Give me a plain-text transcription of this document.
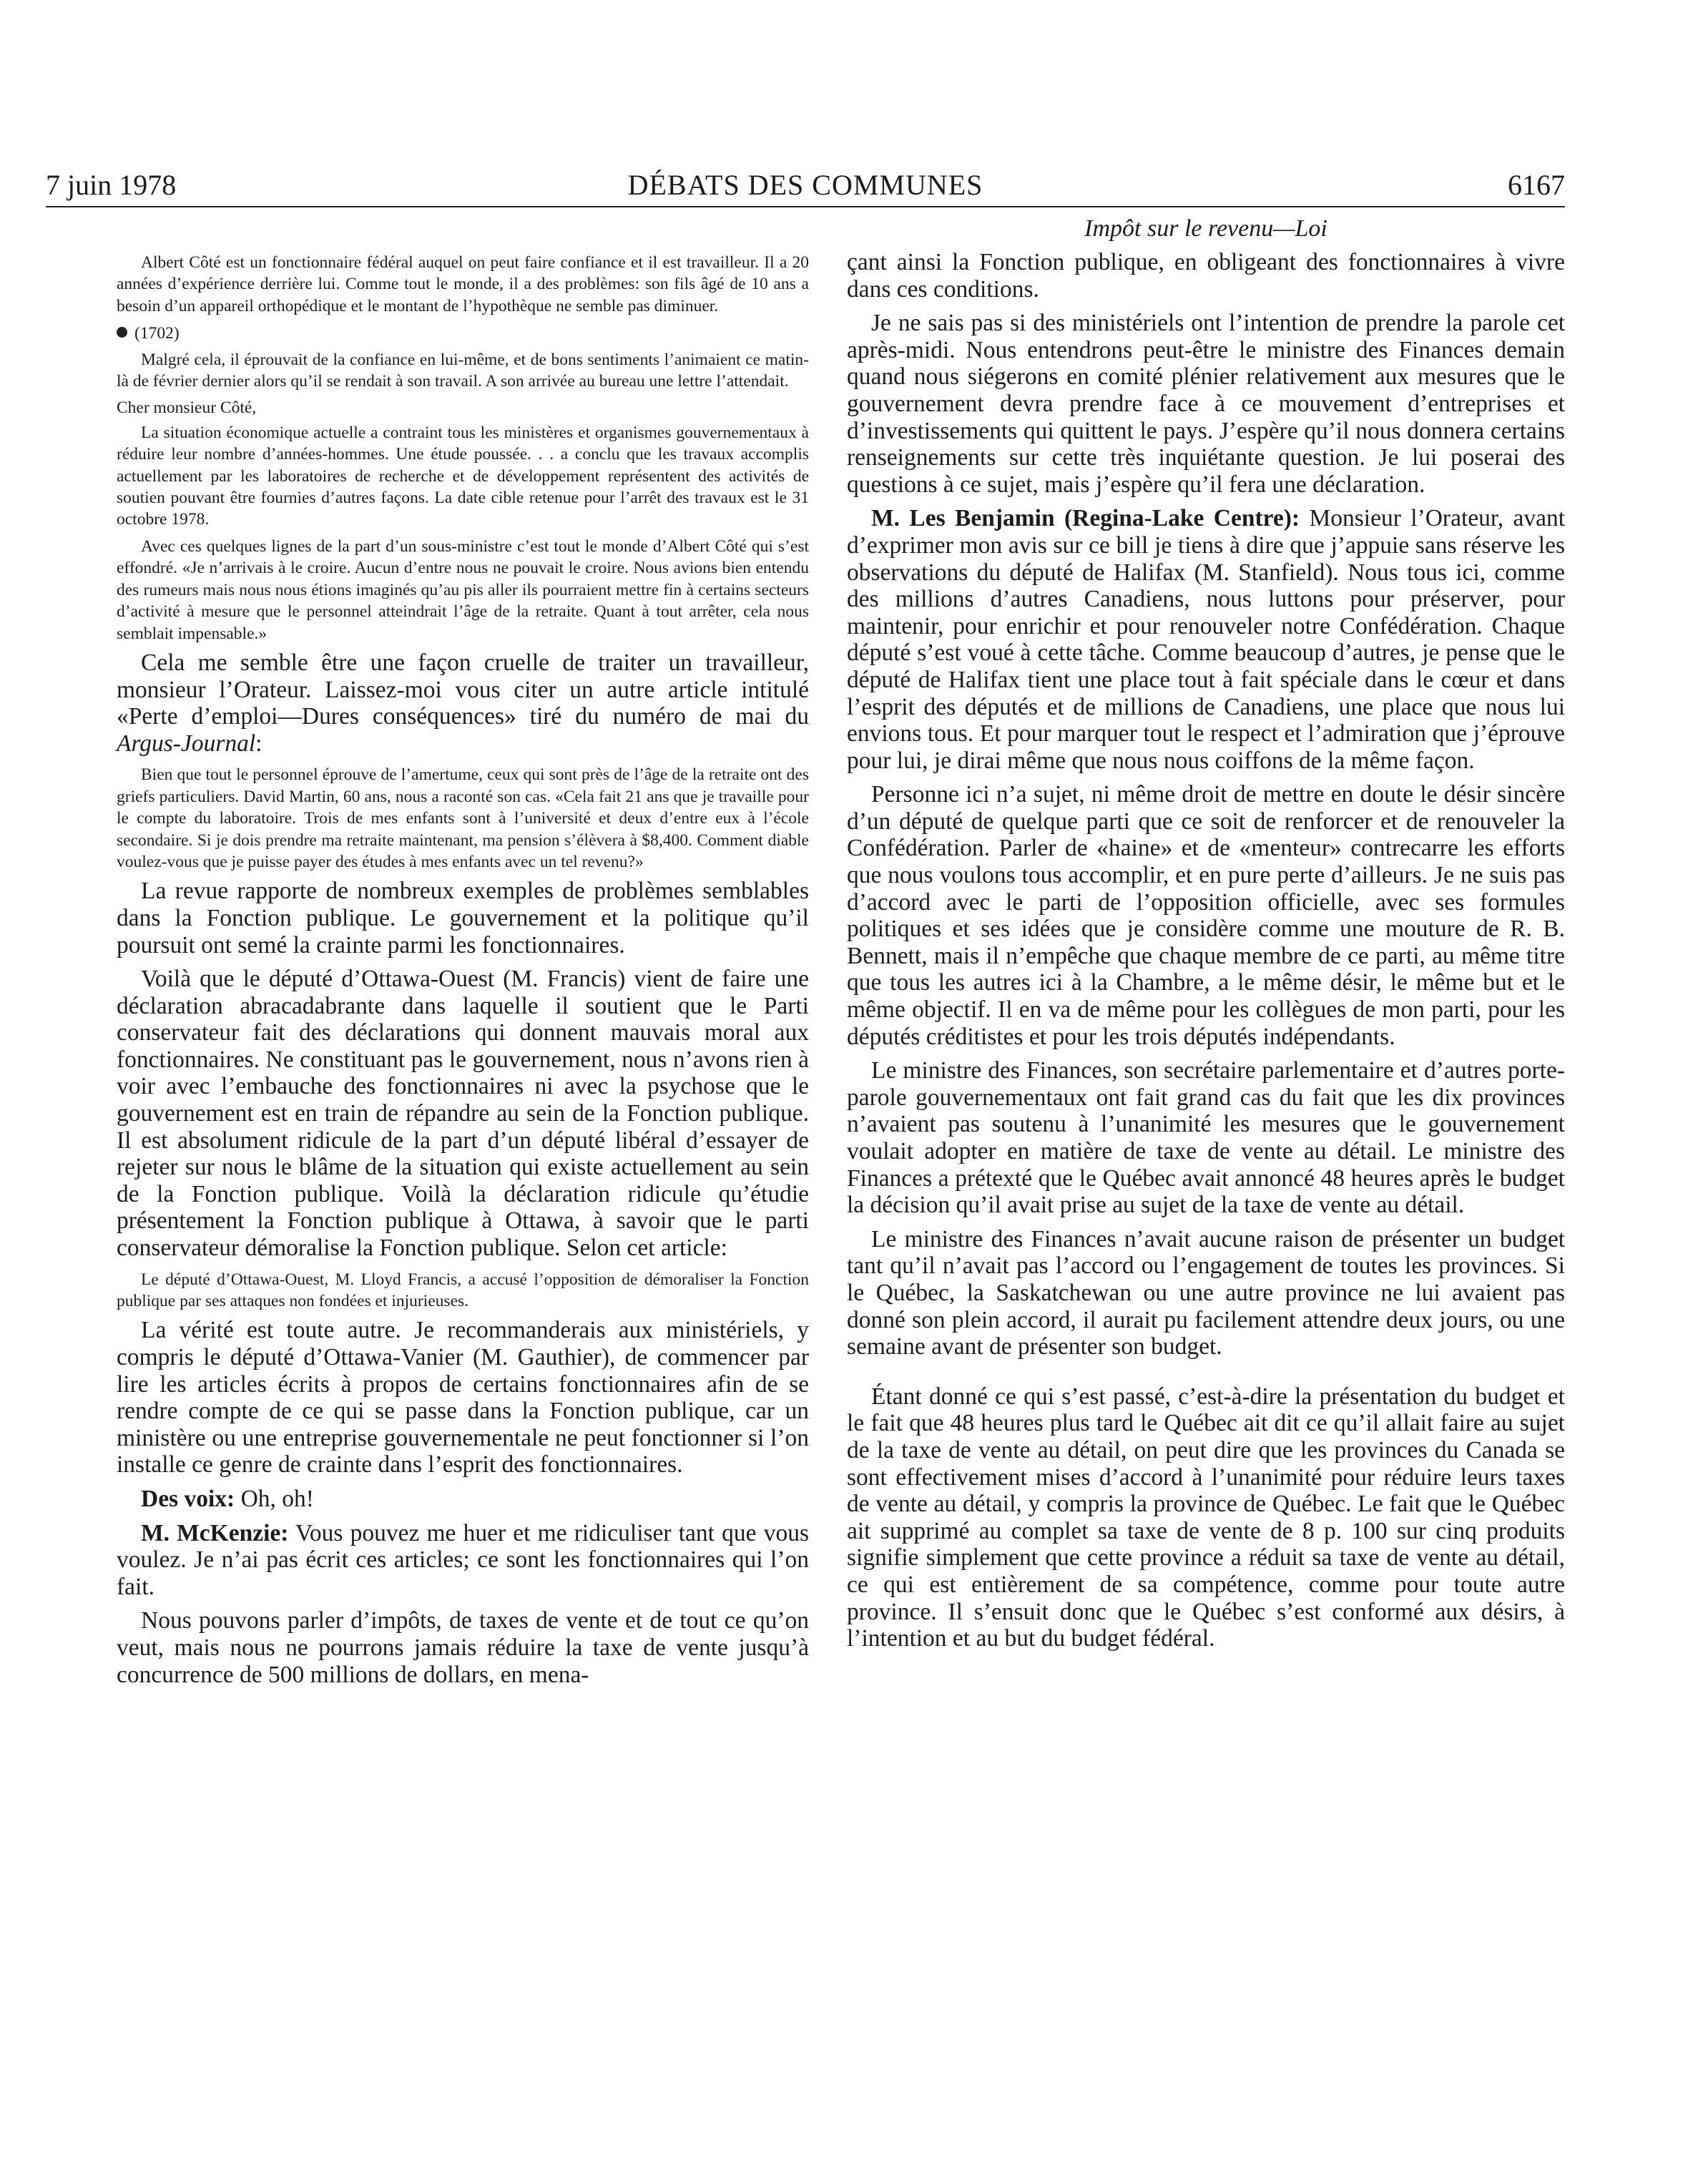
7 juin 1978	DÉBATS DES COMMUNES	6167

Albert Côté est un fonctionnaire fédéral auquel on peut faire confiance et il est travailleur. Il a 20 années d’expérience derrière lui. Comme tout le monde, il a des problèmes: son fils âgé de 10 ans a besoin d’un appareil orthopédique et le montant de l’hypothèque ne semble pas diminuer.

(1702)

Malgré cela, il éprouvait de la confiance en lui-même, et de bons sentiments l’animaient ce matin-là de février dernier alors qu’il se rendait à son travail. A son arrivée au bureau une lettre l’attendait.

Cher monsieur Côté,

La situation économique actuelle a contraint tous les ministères et organismes gouvernementaux à réduire leur nombre d’années-hommes. Une étude poussée. . . a conclu que les travaux accomplis actuellement par les laboratoires de recherche et de développement représentent des activités de soutien pouvant être fournies d’autres façons. La date cible retenue pour l’arrêt des travaux est le 31 octobre 1978.

Avec ces quelques lignes de la part d’un sous-ministre c’est tout le monde d’Albert Côté qui s’est effondré. «Je n’arrivais à le croire. Aucun d’entre nous ne pouvait le croire. Nous avions bien entendu des rumeurs mais nous nous étions imaginés qu’au pis aller ils pourraient mettre fin à certains secteurs d’activité à mesure que le personnel atteindrait l’âge de la retraite. Quant à tout arrêter, cela nous semblait impensable.»

Cela me semble être une façon cruelle de traiter un travailleur, monsieur l’Orateur. Laissez-moi vous citer un autre article intitulé «Perte d’emploi—Dures conséquences» tiré du numéro de mai du Argus-Journal:

Bien que tout le personnel éprouve de l’amertume, ceux qui sont près de l’âge de la retraite ont des griefs particuliers. David Martin, 60 ans, nous a raconté son cas. «Cela fait 21 ans que je travaille pour le compte du laboratoire. Trois de mes enfants sont à l’université et deux d’entre eux à l’école secondaire. Si je dois prendre ma retraite maintenant, ma pension s’élèvera à $8,400. Comment diable voulez-vous que je puisse payer des études à mes enfants avec un tel revenu?»

La revue rapporte de nombreux exemples de problèmes semblables dans la Fonction publique. Le gouvernement et la politique qu’il poursuit ont semé la crainte parmi les fonctionnaires.

Voilà que le député d’Ottawa-Ouest (M. Francis) vient de faire une déclaration abracadabrante dans laquelle il soutient que le Parti conservateur fait des déclarations qui donnent mauvais moral aux fonctionnaires. Ne constituant pas le gouvernement, nous n’avons rien à voir avec l’embauche des fonctionnaires ni avec la psychose que le gouvernement est en train de répandre au sein de la Fonction publique. Il est absolument ridicule de la part d’un député libéral d’essayer de rejeter sur nous le blâme de la situation qui existe actuellement au sein de la Fonction publique. Voilà la déclaration ridicule qu’étudie présentement la Fonction publique à Ottawa, à savoir que le parti conservateur démoralise la Fonction publique. Selon cet article:

Le député d’Ottawa-Ouest, M. Lloyd Francis, a accusé l’opposition de démoraliser la Fonction publique par ses attaques non fondées et injurieuses.

La vérité est toute autre. Je recommanderais aux ministériels, y compris le député d’Ottawa-Vanier (M. Gauthier), de commencer par lire les articles écrits à propos de certains fonctionnaires afin de se rendre compte de ce qui se passe dans la Fonction publique, car un ministère ou une entreprise gouvernementale ne peut fonctionner si l’on installe ce genre de crainte dans l’esprit des fonctionnaires.

Des voix: Oh, oh!

M. McKenzie: Vous pouvez me huer et me ridiculiser tant que vous voulez. Je n’ai pas écrit ces articles; ce sont les fonctionnaires qui l’on fait.

Nous pouvons parler d’impôts, de taxes de vente et de tout ce qu’on veut, mais nous ne pourrons jamais réduire la taxe de vente jusqu’à concurrence de 500 millions de dollars, en mena-

Impôt sur le revenu—Loi

çant ainsi la Fonction publique, en obligeant des fonctionnaires à vivre dans ces conditions.

Je ne sais pas si des ministériels ont l’intention de prendre la parole cet après-midi. Nous entendrons peut-être le ministre des Finances demain quand nous siégerons en comité plénier relativement aux mesures que le gouvernement devra prendre face à ce mouvement d’entreprises et d’investissements qui quittent le pays. J’espère qu’il nous donnera certains renseignements sur cette très inquiétante question. Je lui poserai des questions à ce sujet, mais j’espère qu’il fera une déclaration.

M. Les Benjamin (Regina-Lake Centre): Monsieur l’Orateur, avant d’exprimer mon avis sur ce bill je tiens à dire que j’appuie sans réserve les observations du député de Halifax (M. Stanfield). Nous tous ici, comme des millions d’autres Canadiens, nous luttons pour préserver, pour maintenir, pour enrichir et pour renouveler notre Confédération. Chaque député s’est voué à cette tâche. Comme beaucoup d’autres, je pense que le député de Halifax tient une place tout à fait spéciale dans le cœur et dans l’esprit des députés et de millions de Canadiens, une place que nous lui envions tous. Et pour marquer tout le respect et l’admiration que j’éprouve pour lui, je dirai même que nous nous coiffons de la même façon.

Personne ici n’a sujet, ni même droit de mettre en doute le désir sincère d’un député de quelque parti que ce soit de renforcer et de renouveler la Confédération. Parler de «haine» et de «menteur» contrecarre les efforts que nous voulons tous accomplir, et en pure perte d’ailleurs. Je ne suis pas d’accord avec le parti de l’opposition officielle, avec ses formules politiques et ses idées que je considère comme une mouture de R. B. Bennett, mais il n’empêche que chaque membre de ce parti, au même titre que tous les autres ici à la Chambre, a le même désir, le même but et le même objectif. Il en va de même pour les collègues de mon parti, pour les députés créditistes et pour les trois députés indépendants.

Le ministre des Finances, son secrétaire parlementaire et d’autres porte-parole gouvernementaux ont fait grand cas du fait que les dix provinces n’avaient pas soutenu à l’unanimité les mesures que le gouvernement voulait adopter en matière de taxe de vente au détail. Le ministre des Finances a prétexté que le Québec avait annoncé 48 heures après le budget la décision qu’il avait prise au sujet de la taxe de vente au détail.

Le ministre des Finances n’avait aucune raison de présenter un budget tant qu’il n’avait pas l’accord ou l’engagement de toutes les provinces. Si le Québec, la Saskatchewan ou une autre province ne lui avaient pas donné son plein accord, il aurait pu facilement attendre deux jours, ou une semaine avant de présenter son budget.

Étant donné ce qui s’est passé, c’est-à-dire la présentation du budget et le fait que 48 heures plus tard le Québec ait dit ce qu’il allait faire au sujet de la taxe de vente au détail, on peut dire que les provinces du Canada se sont effectivement mises d’accord à l’unanimité pour réduire leurs taxes de vente au détail, y compris la province de Québec. Le fait que le Québec ait supprimé au complet sa taxe de vente de 8 p. 100 sur cinq produits signifie simplement que cette province a réduit sa taxe de vente au détail, ce qui est entièrement de sa compétence, comme pour toute autre province. Il s’ensuit donc que le Québec s’est conformé aux désirs, à l’intention et au but du budget fédéral.
